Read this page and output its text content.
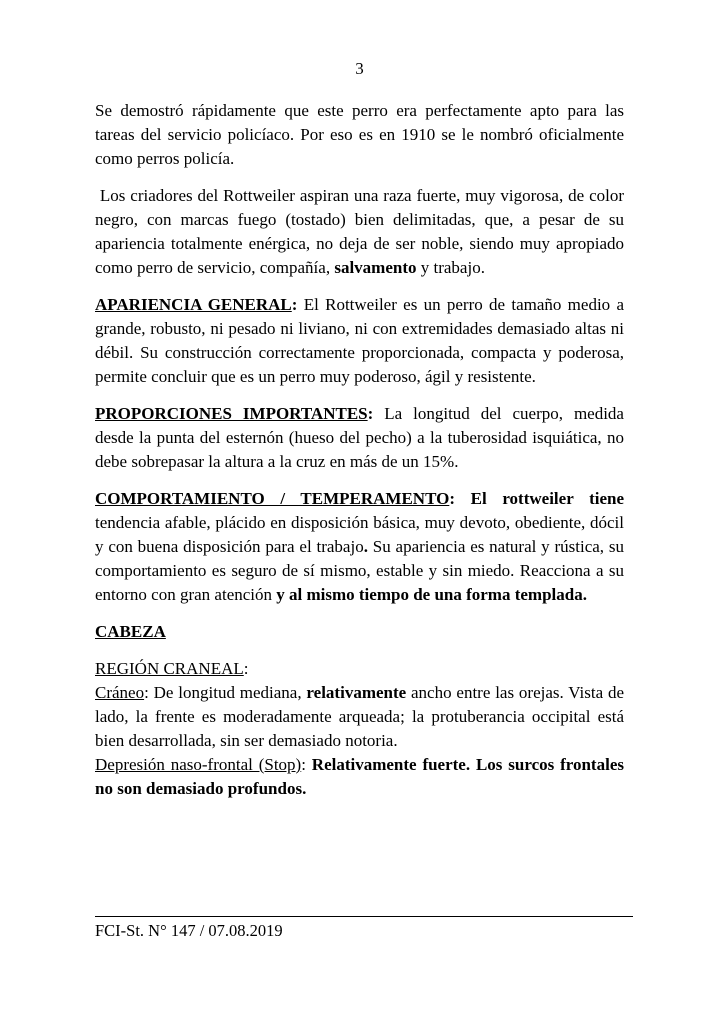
3

Se demostró rápidamente que este perro era perfectamente apto para las tareas del servicio policíaco. Por eso es en 1910 se le nombró oficialmente como perros policía.

Los criadores del Rottweiler aspiran una raza fuerte, muy vigorosa, de color negro, con marcas fuego (tostado) bien delimitadas, que, a pesar de su apariencia totalmente enérgica, no deja de ser noble, siendo muy apropiado como perro de servicio, compañía, salvamento y trabajo.

APARIENCIA GENERAL: El Rottweiler es un perro de tamaño medio a grande, robusto, ni pesado ni liviano, ni con extremidades demasiado altas ni débil. Su construcción correctamente proporcionada, compacta y poderosa, permite concluir que es un perro muy poderoso, ágil y resistente.

PROPORCIONES IMPORTANTES: La longitud del cuerpo, medida desde la punta del esternón (hueso del pecho) a la tuberosidad isquiática, no debe sobrepasar la altura a la cruz en más de un 15%.

COMPORTAMIENTO / TEMPERAMENTO: El rottweiler tiene tendencia afable, plácido en disposición básica, muy devoto, obediente, dócil y con buena disposición para el trabajo. Su apariencia es natural y rústica, su comportamiento es seguro de sí mismo, estable y sin miedo. Reacciona a su entorno con gran atención y al mismo tiempo de una forma templada.

CABEZA

REGIÓN CRANEAL:

Cráneo: De longitud mediana, relativamente ancho entre las orejas. Vista de lado, la frente es moderadamente arqueada; la protuberancia occipital está bien desarrollada, sin ser demasiado notoria.

Depresión naso-frontal (Stop): Relativamente fuerte. Los surcos frontales no son demasiado profundos.

FCI-St. N° 147 / 07.08.2019
